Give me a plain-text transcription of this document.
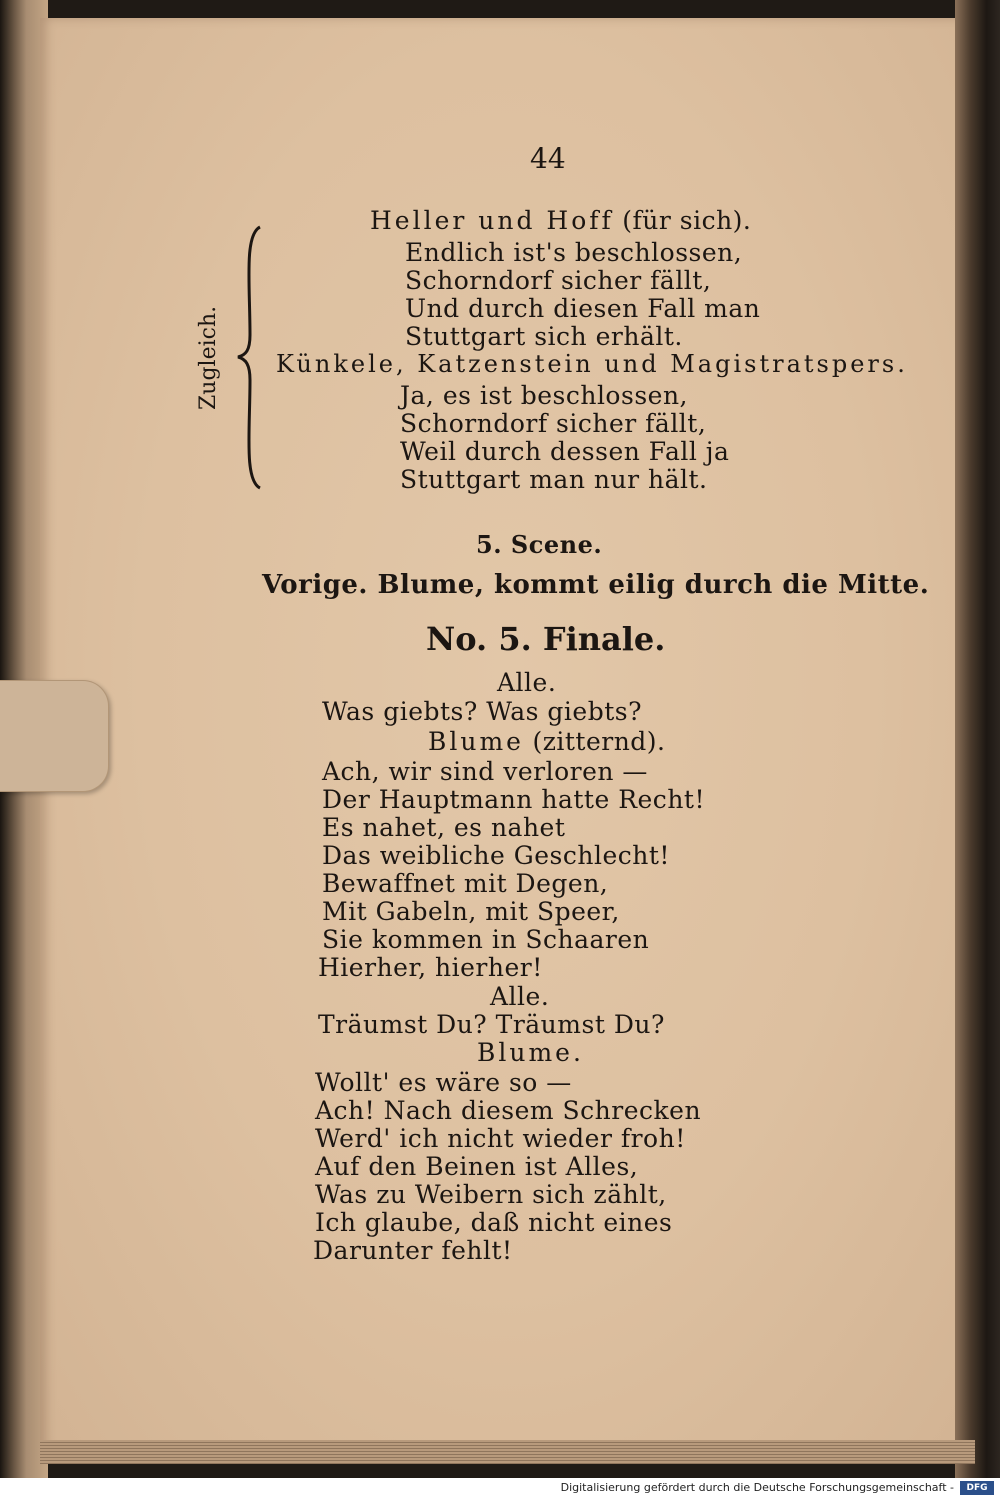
44
Heller und Hoff (für sich).
Endlich ist's beschlossen,
Schorndorf sicher fällt,
Und durch diesen Fall man
Stuttgart sich erhält.
Künkele, Katzenstein und Magistratspers.
Ja, es ist beschlossen,
Schorndorf sicher fällt,
Weil durch dessen Fall ja
Stuttgart man nur hält.
5. Scene.
Vorige. Blume, kommt eilig durch die Mitte.
No. 5. Finale.
Alle.
Was giebts? Was giebts?
Blume (zitternd).
Ach, wir sind verloren —
Der Hauptmann hatte Recht!
Es nahet, es nahet
Das weibliche Geschlecht!
Bewaffnet mit Degen,
Mit Gabeln, mit Speer,
Sie kommen in Schaaren
Hierher, hierher!
Alle.
Träumst Du? Träumst Du?
Blume.
Wollt' es wäre so —
Ach! Nach diesem Schrecken
Werd' ich nicht wieder froh!
Auf den Beinen ist Alles,
Was zu Weibern sich zählt,
Ich glaube, daß nicht eines
Darunter fehlt!
Digitalisierung gefördert durch die Deutsche Forschungsgemeinschaft -	DFG
